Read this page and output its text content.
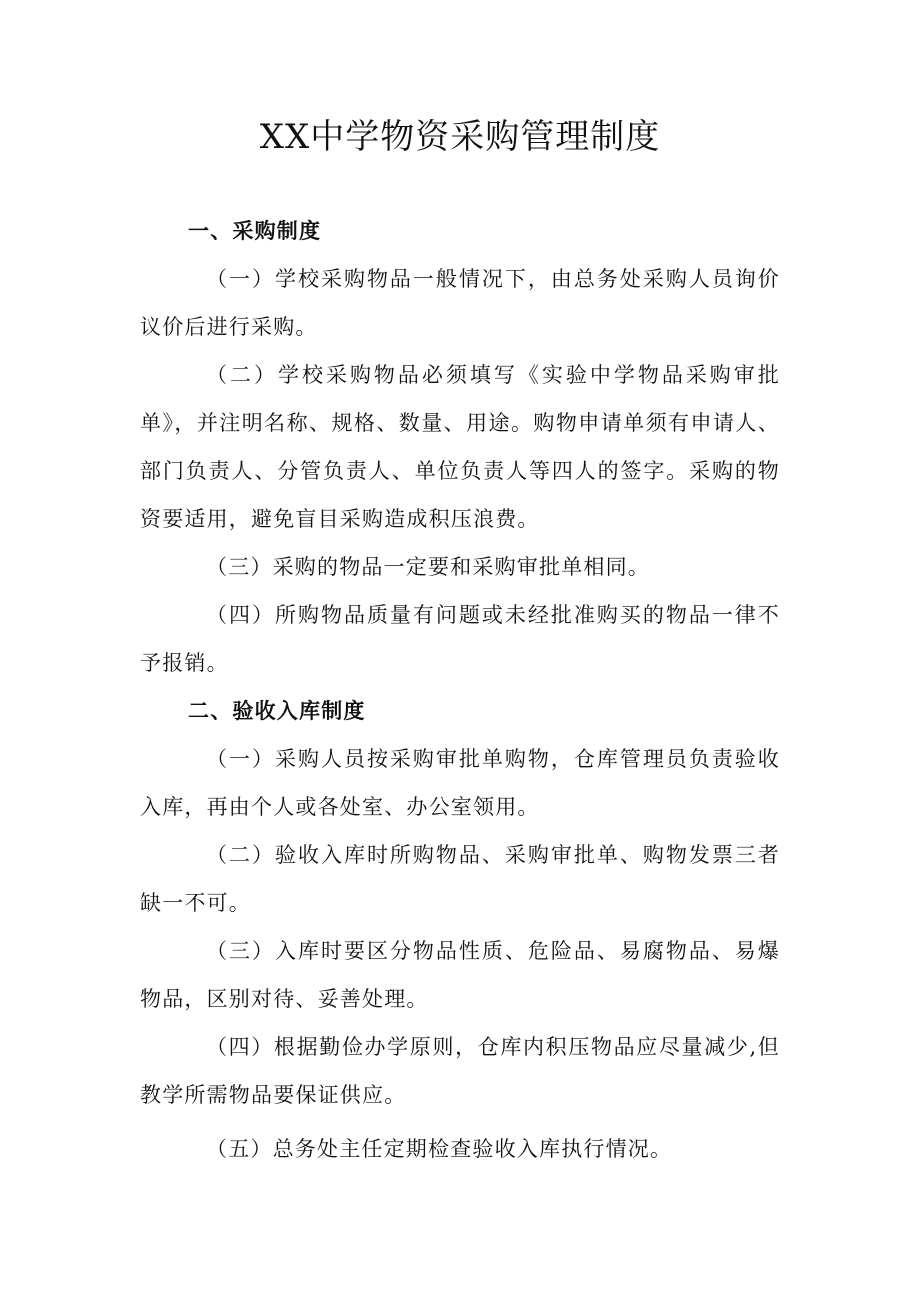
XX中学物资采购管理制度

一、采购制度

（一）学校采购物品一般情况下，由总务处采购人员询价议价后进行采购。

（二）学校采购物品必须填写《实验中学物品采购审批单》，并注明名称、规格、数量、用途。购物申请单须有申请人、部门负责人、分管负责人、单位负责人等四人的签字。采购的物资要适用，避免盲目采购造成积压浪费。

（三）采购的物品一定要和采购审批单相同。

（四）所购物品质量有问题或未经批准购买的物品一律不予报销。

二、验收入库制度

（一）采购人员按采购审批单购物，仓库管理员负责验收入库，再由个人或各处室、办公室领用。

（二）验收入库时所购物品、采购审批单、购物发票三者缺一不可。

（三）入库时要区分物品性质、危险品、易腐物品、易爆物品，区别对待、妥善处理。

（四）根据勤俭办学原则，仓库内积压物品应尽量减少,但教学所需物品要保证供应。

（五）总务处主任定期检查验收入库执行情况。
